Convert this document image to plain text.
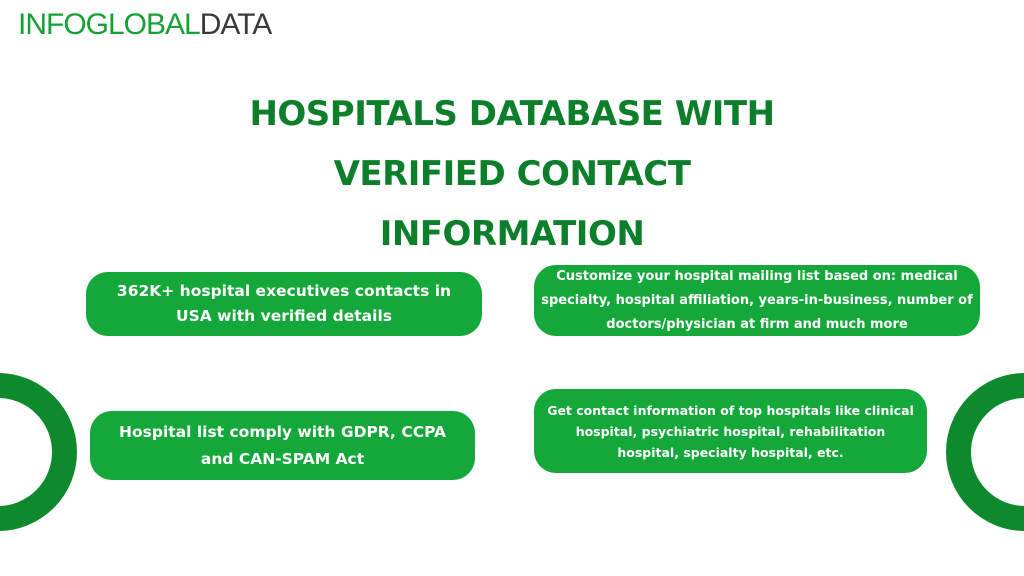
INFOGLOBALDATA
HOSPITALS DATABASE WITH
VERIFIED CONTACT
INFORMATION
362K+ hospital executives contacts in USA with verified details
Customize your hospital mailing list based on: medical specialty, hospital affiliation, years-in-business, number of doctors/physician at firm and much more
Hospital list comply with GDPR, CCPA and CAN-SPAM Act
Get contact information of top hospitals like clinical hospital, psychiatric hospital, rehabilitation hospital, specialty hospital, etc.
